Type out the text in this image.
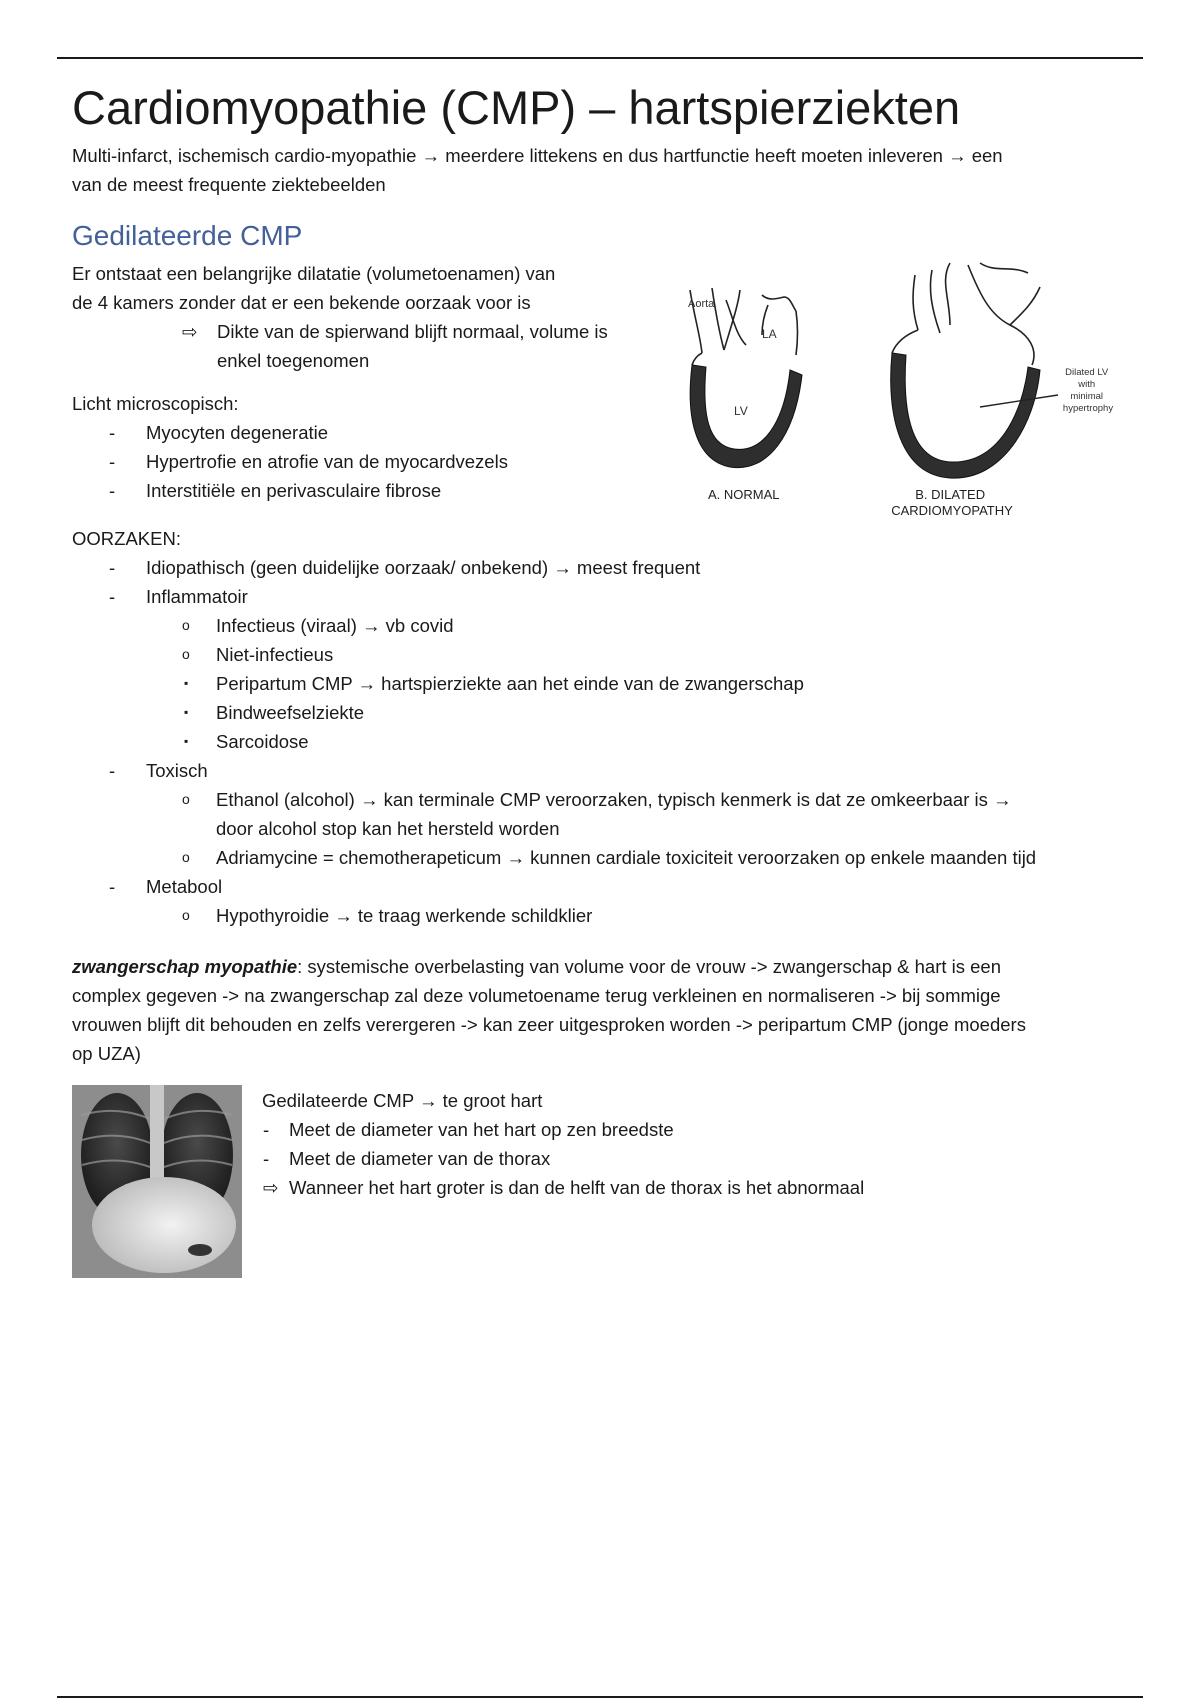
Cardiomyopathie (CMP) – hartspierziekten
Multi-infarct, ischemisch cardio-myopathie → meerdere littekens en dus hartfunctie heeft moeten inleveren → een
van de meest frequente ziektebeelden
Gedilateerde CMP
Er ontstaat een belangrijke dilatatie (volumetoenamen) van
de 4 kamers zonder dat er een bekende oorzaak voor is
⇨ Dikte van de spierwand blijft normaal, volume is
enkel toegenomen
Licht microscopisch:
- Myocyten degeneratie
- Hypertrofie en atrofie van de myocardvezels
- Interstitiële en perivasculaire fibrose
Aorta
LA
LV
A. NORMAL
Dilated LV with minimal hypertrophy
B. DILATED CARDIOMYOPATHY
OORZAKEN:
- Idiopathisch (geen duidelijke oorzaak/ onbekend) → meest frequent
- Inflammatoir
o Infectieus (viraal) → vb covid
o Niet-infectieus
▪ Peripartum CMP → hartspierziekte aan het einde van de zwangerschap
▪ Bindweefselziekte
▪ Sarcoidose
- Toxisch
o Ethanol (alcohol) → kan terminale CMP veroorzaken, typisch kenmerk is dat ze omkeerbaar is →
door alcohol stop kan het hersteld worden
o Adriamycine = chemotherapeticum → kunnen cardiale toxiciteit veroorzaken op enkele maanden tijd
- Metabool
o Hypothyroidie → te traag werkende schildklier
zwangerschap myopathie: systemische overbelasting van volume voor de vrouw -> zwangerschap & hart is een
complex gegeven -> na zwangerschap zal deze volumetoename terug verkleinen en normaliseren -> bij sommige
vrouwen blijft dit behouden en zelfs verergeren -> kan zeer uitgesproken worden -> peripartum CMP (jonge moeders
op UZA)
Gedilateerde CMP → te groot hart
- Meet de diameter van het hart op zen breedste
- Meet de diameter van de thorax
⇨ Wanneer het hart groter is dan de helft van de thorax is het abnormaal
